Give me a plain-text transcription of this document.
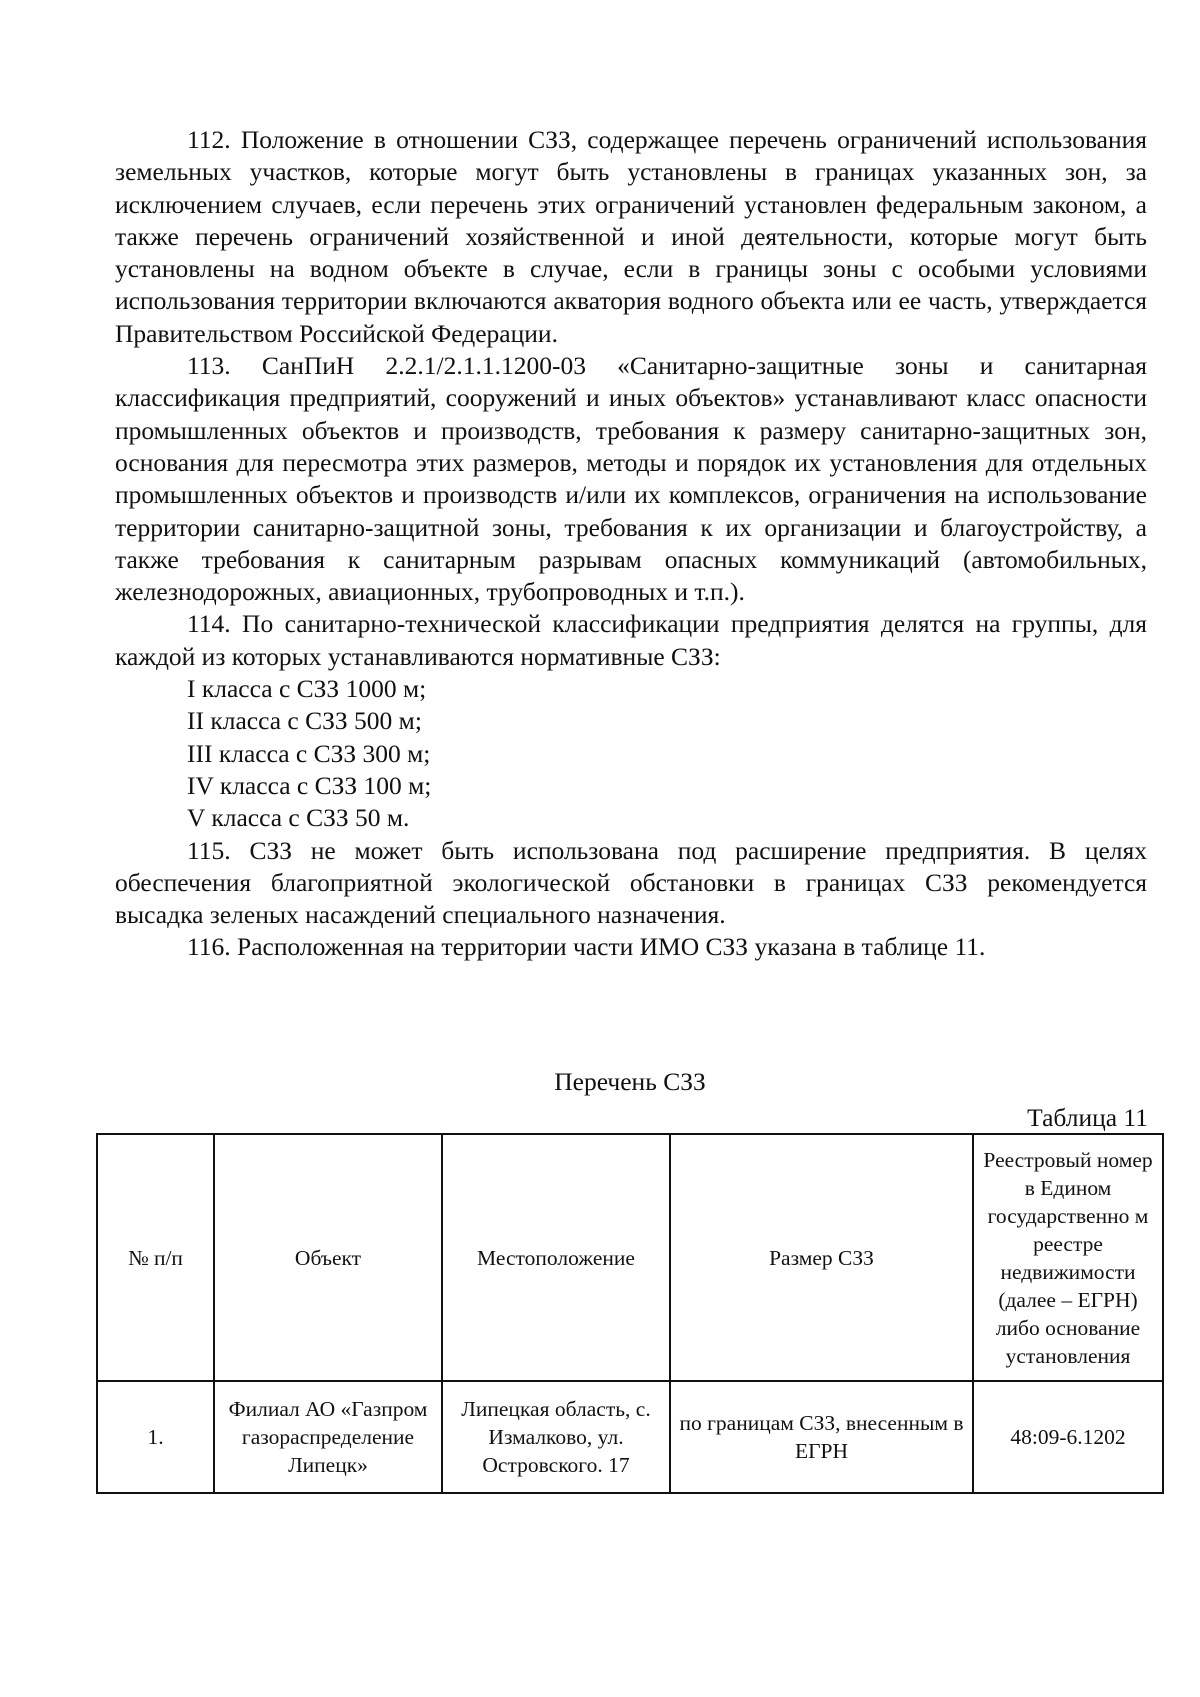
112. Положение в отношении СЗЗ, содержащее перечень ограничений использования земельных участков, которые могут быть установлены в границах указанных зон, за исключением случаев, если перечень этих ограничений установлен федеральным законом, а также перечень ограничений хозяйственной и иной деятельности, которые могут быть установлены на водном объекте в случае, если в границы зоны с особыми условиями использования территории включаются акватория водного объекта или ее часть, утверждается Правительством Российской Федерации.

113. СанПиН 2.2.1/2.1.1.1200-03 «Санитарно-защитные зоны и санитарная классификация предприятий, сооружений и иных объектов» устанавливают класс опасности промышленных объектов и производств, требования к размеру санитарно-защитных зон, основания для пересмотра этих размеров, методы и порядок их установления для отдельных промышленных объектов и производств и/или их комплексов, ограничения на использование территории санитарно-защитной зоны, требования к их организации и благоустройству, а также требования к санитарным разрывам опасных коммуникаций (автомобильных, железнодорожных, авиационных, трубопроводных и т.п.).

114. По санитарно-технической классификации предприятия делятся на группы, для каждой из которых устанавливаются нормативные СЗЗ:

I класса с СЗЗ 1000 м;

II класса с СЗЗ 500 м;

III класса с СЗЗ 300 м;

IV класса с СЗЗ 100 м;

V класса с СЗЗ 50 м.

115. СЗЗ не может быть использована под расширение предприятия. В целях обеспечения благоприятной экологической обстановки в границах СЗЗ рекомендуется высадка зеленых насаждений специального назначения.

116. Расположенная на территории части ИМО СЗЗ указана в таблице 11.

Перечень СЗЗ
Таблица 11
№ п/п	Объект	Местоположение	Размер СЗЗ	Реестровый номер в Едином государственно м реестре недвижимости (далее – ЕГРН) либо основание установления
1.	Филиал АО «Газпром газораспределение Липецк»	Липецкая область, с. Измалково, ул. Островского. 17	по границам СЗЗ, внесенным в ЕГРН	48:09-6.1202
